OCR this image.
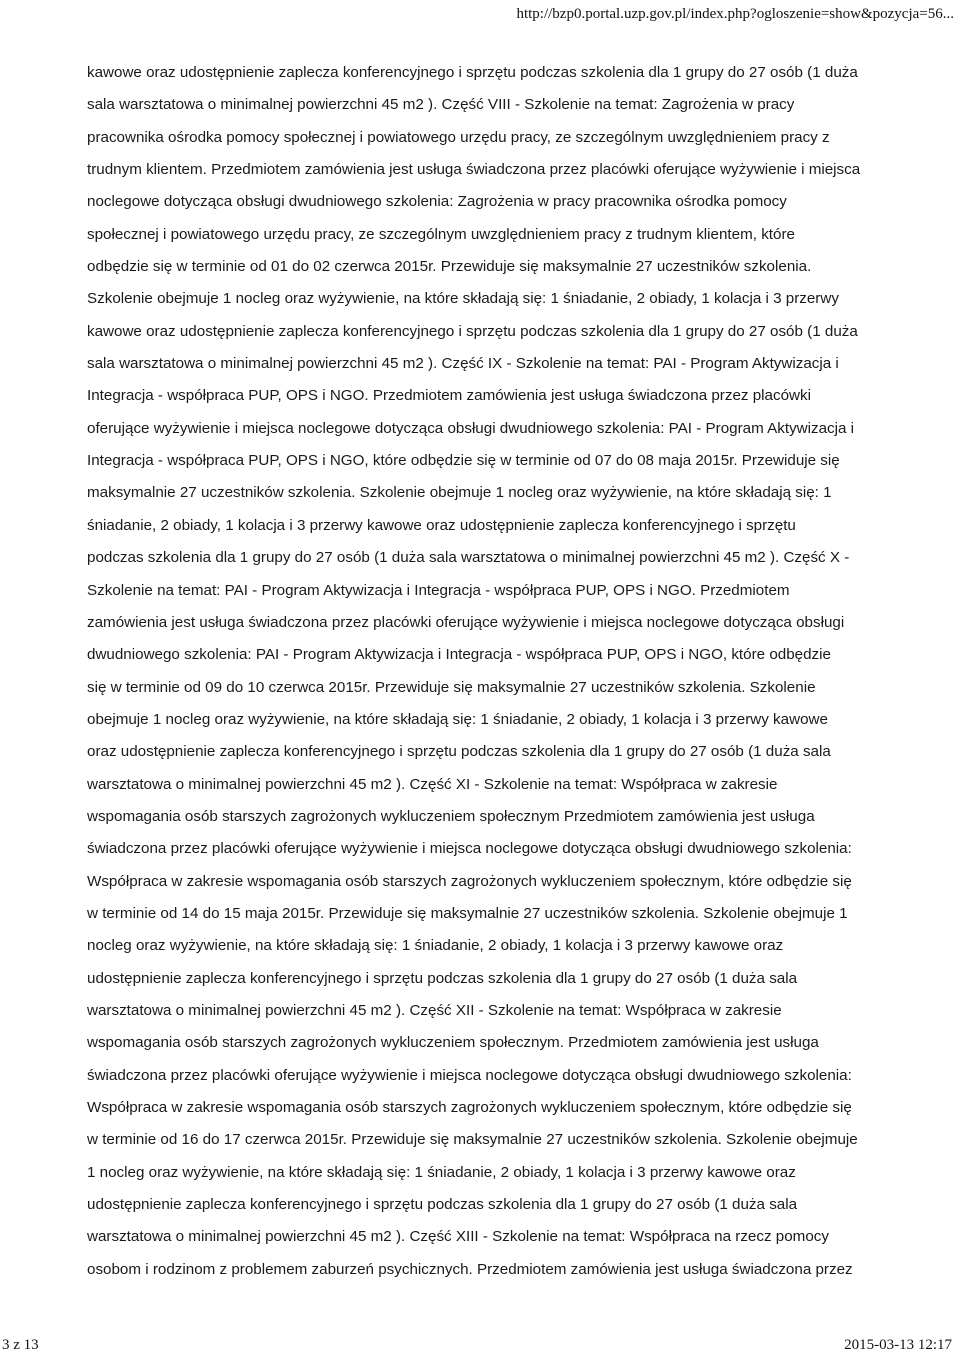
http://bzp0.portal.uzp.gov.pl/index.php?ogloszenie=show&pozycja=56...
kawowe oraz udostępnienie zaplecza konferencyjnego i sprzętu podczas szkolenia dla 1 grupy do 27 osób (1 duża
sala warsztatowa o minimalnej powierzchni 45 m2 ). Część VIII - Szkolenie na temat: Zagrożenia w pracy
pracownika ośrodka pomocy społecznej i powiatowego urzędu pracy, ze szczególnym uwzględnieniem pracy z
trudnym klientem. Przedmiotem zamówienia jest usługa świadczona przez placówki oferujące wyżywienie i miejsca
noclegowe dotycząca obsługi dwudniowego szkolenia: Zagrożenia w pracy pracownika ośrodka pomocy
społecznej i powiatowego urzędu pracy, ze szczególnym uwzględnieniem pracy z trudnym klientem, które
odbędzie się w terminie od 01 do 02 czerwca 2015r. Przewiduje się maksymalnie 27 uczestników szkolenia.
Szkolenie obejmuje 1 nocleg oraz wyżywienie, na które składają się: 1 śniadanie, 2 obiady, 1 kolacja i 3 przerwy
kawowe oraz udostępnienie zaplecza konferencyjnego i sprzętu podczas szkolenia dla 1 grupy do 27 osób (1 duża
sala warsztatowa o minimalnej powierzchni 45 m2 ). Część IX - Szkolenie na temat: PAI - Program Aktywizacja i
Integracja - współpraca PUP, OPS i NGO. Przedmiotem zamówienia jest usługa świadczona przez placówki
oferujące wyżywienie i miejsca noclegowe dotycząca obsługi dwudniowego szkolenia: PAI - Program Aktywizacja i
Integracja - współpraca PUP, OPS i NGO, które odbędzie się w terminie od 07 do 08 maja 2015r. Przewiduje się
maksymalnie 27 uczestników szkolenia. Szkolenie obejmuje 1 nocleg oraz wyżywienie, na które składają się: 1
śniadanie, 2 obiady, 1 kolacja i 3 przerwy kawowe oraz udostępnienie zaplecza konferencyjnego i sprzętu
podczas szkolenia dla 1 grupy do 27 osób (1 duża sala warsztatowa o minimalnej powierzchni 45 m2 ). Część X -
Szkolenie na temat: PAI - Program Aktywizacja i Integracja - współpraca PUP, OPS i NGO. Przedmiotem
zamówienia jest usługa świadczona przez placówki oferujące wyżywienie i miejsca noclegowe dotycząca obsługi
dwudniowego szkolenia: PAI - Program Aktywizacja i Integracja - współpraca PUP, OPS i NGO, które odbędzie
się w terminie od 09 do 10 czerwca 2015r. Przewiduje się maksymalnie 27 uczestników szkolenia. Szkolenie
obejmuje 1 nocleg oraz wyżywienie, na które składają się: 1 śniadanie, 2 obiady, 1 kolacja i 3 przerwy kawowe
oraz udostępnienie zaplecza konferencyjnego i sprzętu podczas szkolenia dla 1 grupy do 27 osób (1 duża sala
warsztatowa o minimalnej powierzchni 45 m2 ). Część XI - Szkolenie na temat: Współpraca w zakresie
wspomagania osób starszych zagrożonych wykluczeniem społecznym Przedmiotem zamówienia jest usługa
świadczona przez placówki oferujące wyżywienie i miejsca noclegowe dotycząca obsługi dwudniowego szkolenia:
Współpraca w zakresie wspomagania osób starszych zagrożonych wykluczeniem społecznym, które odbędzie się
w terminie od 14 do 15 maja 2015r. Przewiduje się maksymalnie 27 uczestników szkolenia. Szkolenie obejmuje 1
nocleg oraz wyżywienie, na które składają się: 1 śniadanie, 2 obiady, 1 kolacja i 3 przerwy kawowe oraz
udostępnienie zaplecza konferencyjnego i sprzętu podczas szkolenia dla 1 grupy do 27 osób (1 duża sala
warsztatowa o minimalnej powierzchni 45 m2 ). Część XII - Szkolenie na temat: Współpraca w zakresie
wspomagania osób starszych zagrożonych wykluczeniem społecznym. Przedmiotem zamówienia jest usługa
świadczona przez placówki oferujące wyżywienie i miejsca noclegowe dotycząca obsługi dwudniowego szkolenia:
Współpraca w zakresie wspomagania osób starszych zagrożonych wykluczeniem społecznym, które odbędzie się
w terminie od 16 do 17 czerwca 2015r. Przewiduje się maksymalnie 27 uczestników szkolenia. Szkolenie obejmuje
1 nocleg oraz wyżywienie, na które składają się: 1 śniadanie, 2 obiady, 1 kolacja i 3 przerwy kawowe oraz
udostępnienie zaplecza konferencyjnego i sprzętu podczas szkolenia dla 1 grupy do 27 osób (1 duża sala
warsztatowa o minimalnej powierzchni 45 m2 ). Część XIII - Szkolenie na temat: Współpraca na rzecz pomocy
osobom i rodzinom z problemem zaburzeń psychicznych. Przedmiotem zamówienia jest usługa świadczona przez
3 z 13	2015-03-13 12:17
